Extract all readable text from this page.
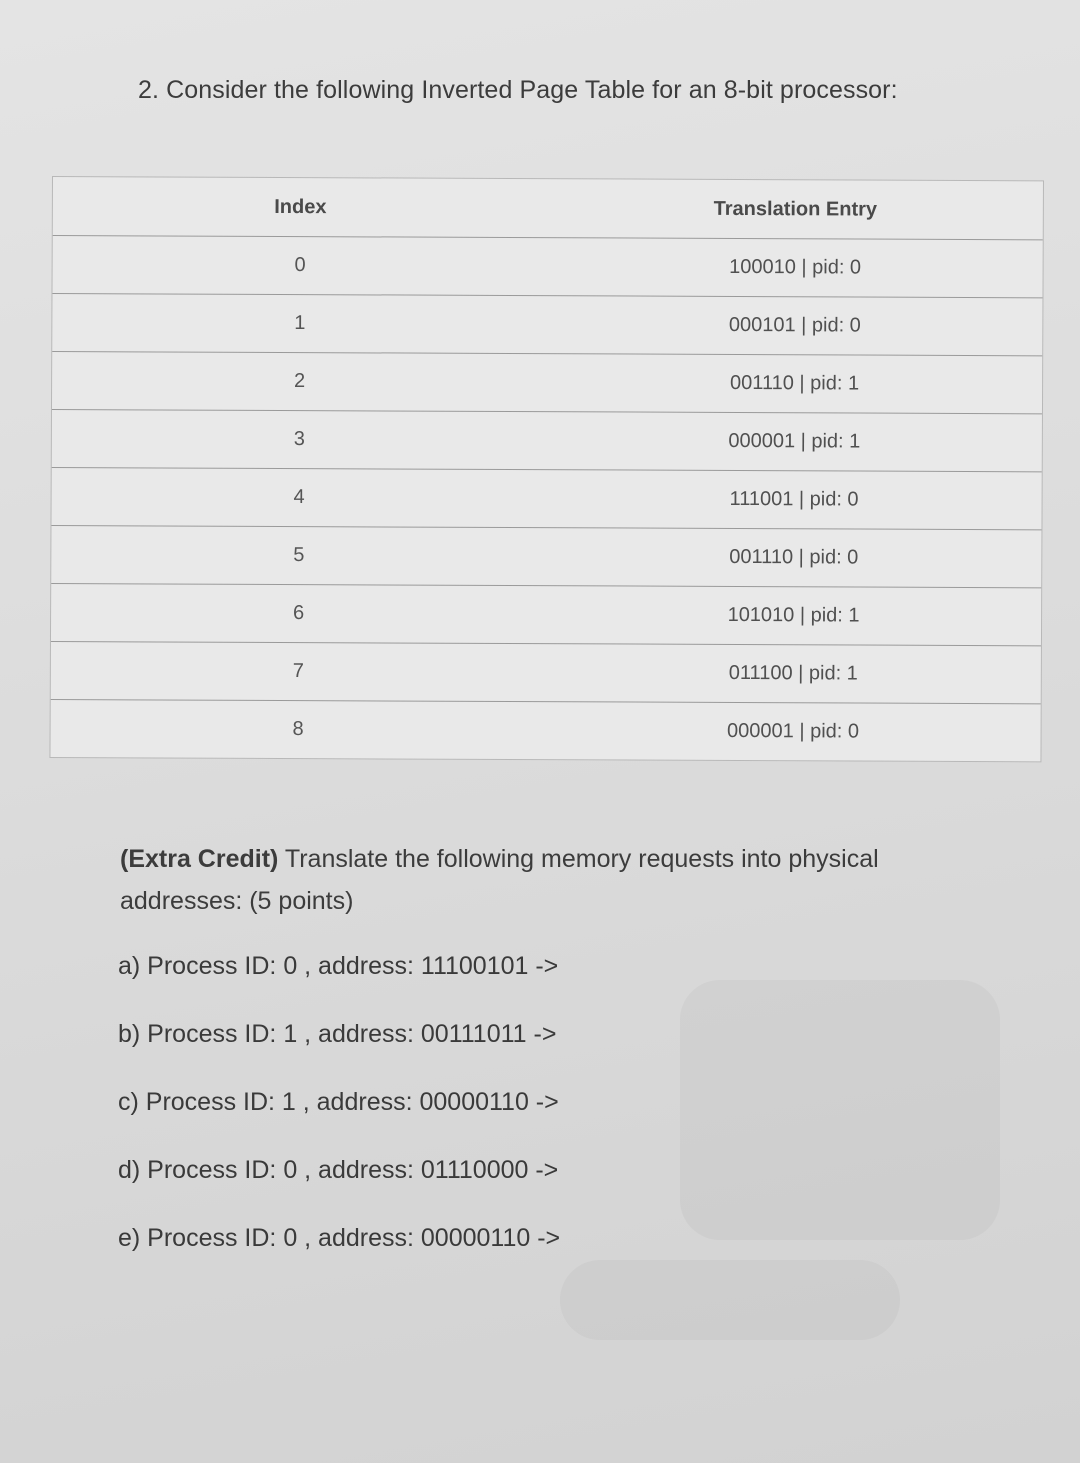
2. Consider the following Inverted Page Table for an 8-bit processor:
Index	Translation Entry
0	100010 | pid: 0
1	000101 | pid: 0
2	001110 | pid: 1
3	000001 | pid: 1
4	111001 | pid: 0
5	001110 | pid: 0
6	101010 | pid: 1
7	011100 | pid: 1
8	000001 | pid: 0
(Extra Credit) Translate the following memory requests into physical addresses: (5 points)
a) Process ID: 0 , address: 11100101 ->
b) Process ID: 1 , address: 00111011 ->
c) Process ID: 1 , address: 00000110 ->
d) Process ID: 0 , address: 01110000 ->
e) Process ID: 0 , address: 00000110 ->
